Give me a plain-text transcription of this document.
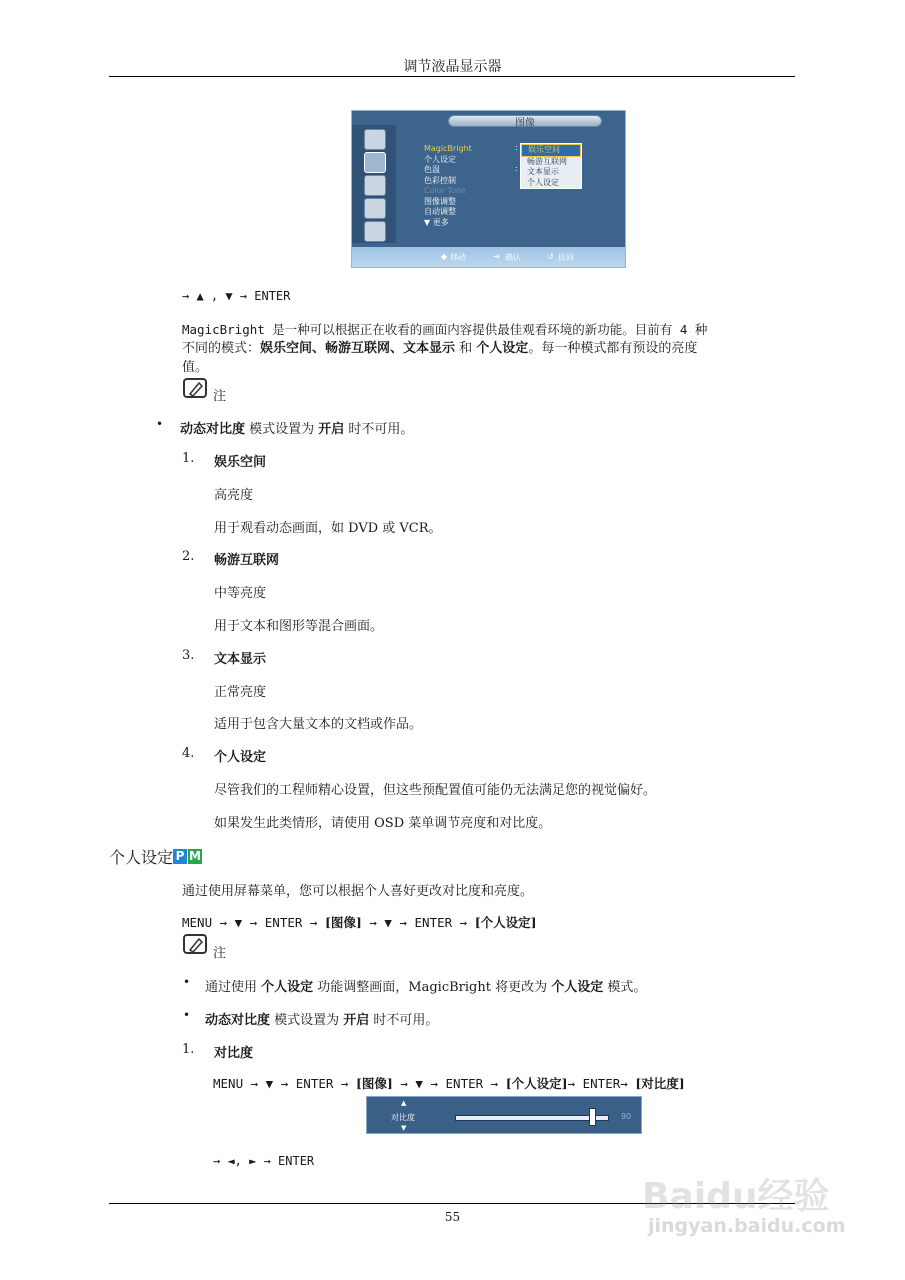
调节液晶显示器
图像
MagicBright
个人设定
色温
色彩控制
Color Tone
图像调整
自动调整
▼ 更多
:

:
娱乐空间
畅游互联网
文本显示
个人设定
◆ 移动	⇥ 确认	↺ 返回
→ ▲ , ▼ → ENTER
MagicBright 是一种可以根据正在收看的画面内容提供最佳观看环境的新功能。目前有 4 种
不同的模式：娱乐空间、畅游互联网、文本显示 和 个人设定。每一种模式都有预设的亮度
值。
注
• 动态对比度 模式设置为 开启 时不可用。
1. 娱乐空间
高亮度
用于观看动态画面，如 DVD 或 VCR。
2. 畅游互联网
中等亮度
用于文本和图形等混合画面。
3. 文本显示
正常亮度
适用于包含大量文本的文档或作品。
4. 个人设定
尽管我们的工程师精心设置，但这些预配置值可能仍无法满足您的视觉偏好。
如果发生此类情形，请使用 OSD 菜单调节亮度和对比度。
个人设定 P M
通过使用屏幕菜单，您可以根据个人喜好更改对比度和亮度。
MENU → ▼ → ENTER → [图像] → ▼ → ENTER → [个人设定]
注
• 通过使用 个人设定 功能调整画面，MagicBright 将更改为 个人设定 模式。
• 动态对比度 模式设置为 开启 时不可用。
1. 对比度
MENU → ▼ → ENTER → [图像] → ▼ → ENTER → [个人设定]→ ENTER→ [对比度]
▲
对比度
▼
90
→ ◄, ► → ENTER
55	Baidu经验
jingyan.baidu.com
